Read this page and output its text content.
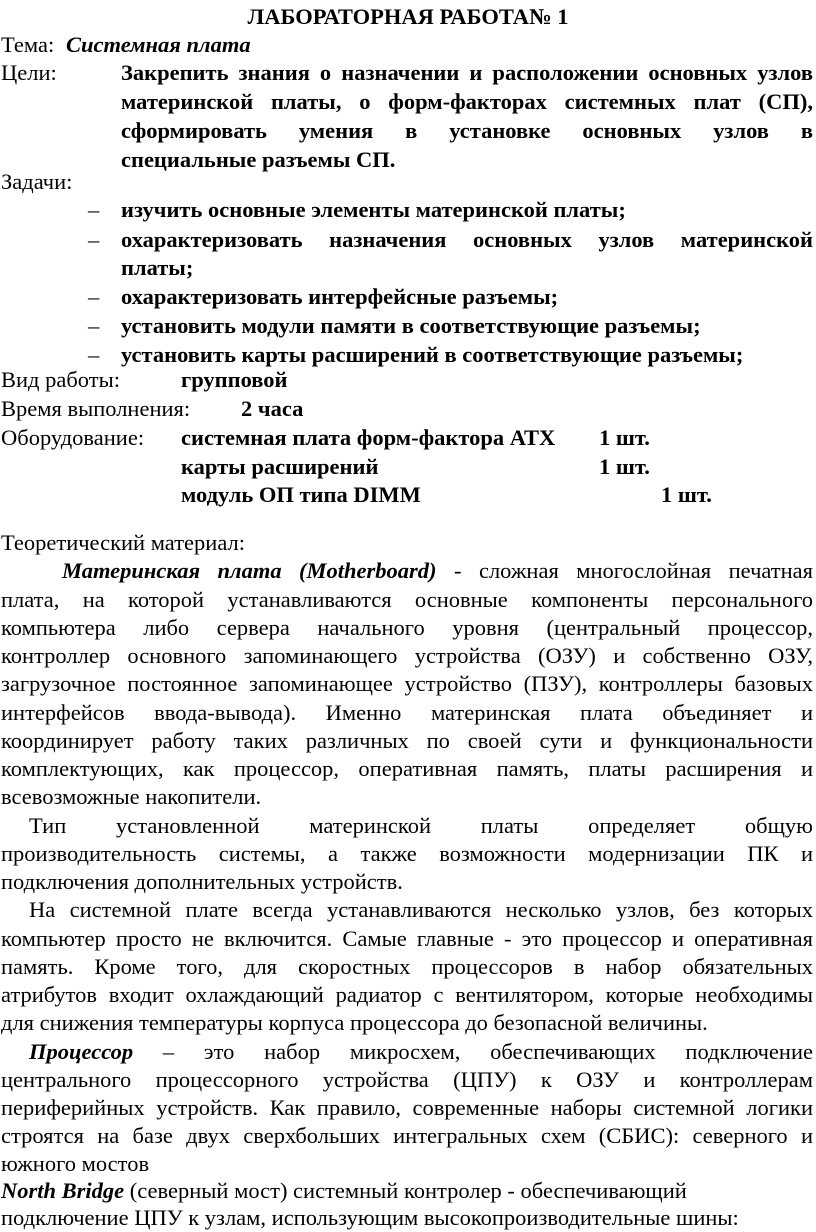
ЛАБОРАТОРНАЯ РАБОТА№ 1
Тема: Системная плата
Цели:	Закрепить знания о назначении и расположении основных узлов
материнской платы, о форм-факторах системных плат (СП),
сформировать умения в установке основных узлов в
специальные разъемы СП.
Задачи:
– изучить основные элементы материнской платы;
– охарактеризовать назначения основных узлов материнской
платы;
– охарактеризовать интерфейсные разъемы;
– установить модули памяти в соответствующие разъемы;
– установить карты расширений в соответствующие разъемы;
Вид работы:	групповой
Время выполнения: 2 часа
Оборудование: системная плата форм-фактора АТХ 1 шт.
карты расширений	1 шт.
модуль ОП типа DIMM	1 шт.
Теоретический материал:
Материнская плата (Motherboard) - сложная многослойная печатная
плата, на которой устанавливаются основные компоненты персонального
компьютера либо сервера начального уровня (центральный процессор,
контроллер основного запоминающего устройства (ОЗУ) и собственно ОЗУ,
загрузочное постоянное запоминающее устройство (ПЗУ), контроллеры базовых
интерфейсов ввода-вывода). Именно материнская плата объединяет и
координирует работу таких различных по своей сути и функциональности
комплектующих, как процессор, оперативная память, платы расширения и
всевозможные накопители.
Тип установленной материнской платы определяет общую
производительность системы, а также возможности модернизации ПК и
подключения дополнительных устройств.
На системной плате всегда устанавливаются несколько узлов, без которых
компьютер просто не включится. Самые главные - это процессор и оперативная
память. Кроме того, для скоростных процессоров в набор обязательных
атрибутов входит охлаждающий радиатор с вентилятором, которые необходимы
для снижения температуры корпуса процессора до безопасной величины.
Процессор – это набор микросхем, обеспечивающих подключение
центрального процессорного устройства (ЦПУ) к ОЗУ и контроллерам
периферийных устройств. Как правило, современные наборы системной логики
строятся на базе двух сверхбольших интегральных схем (СБИС): северного и
южного мостов
North Bridge (северный мост) системный контролер - обеспечивающий
подключение ЦПУ к узлам, использующим высокопроизводительные шины:
